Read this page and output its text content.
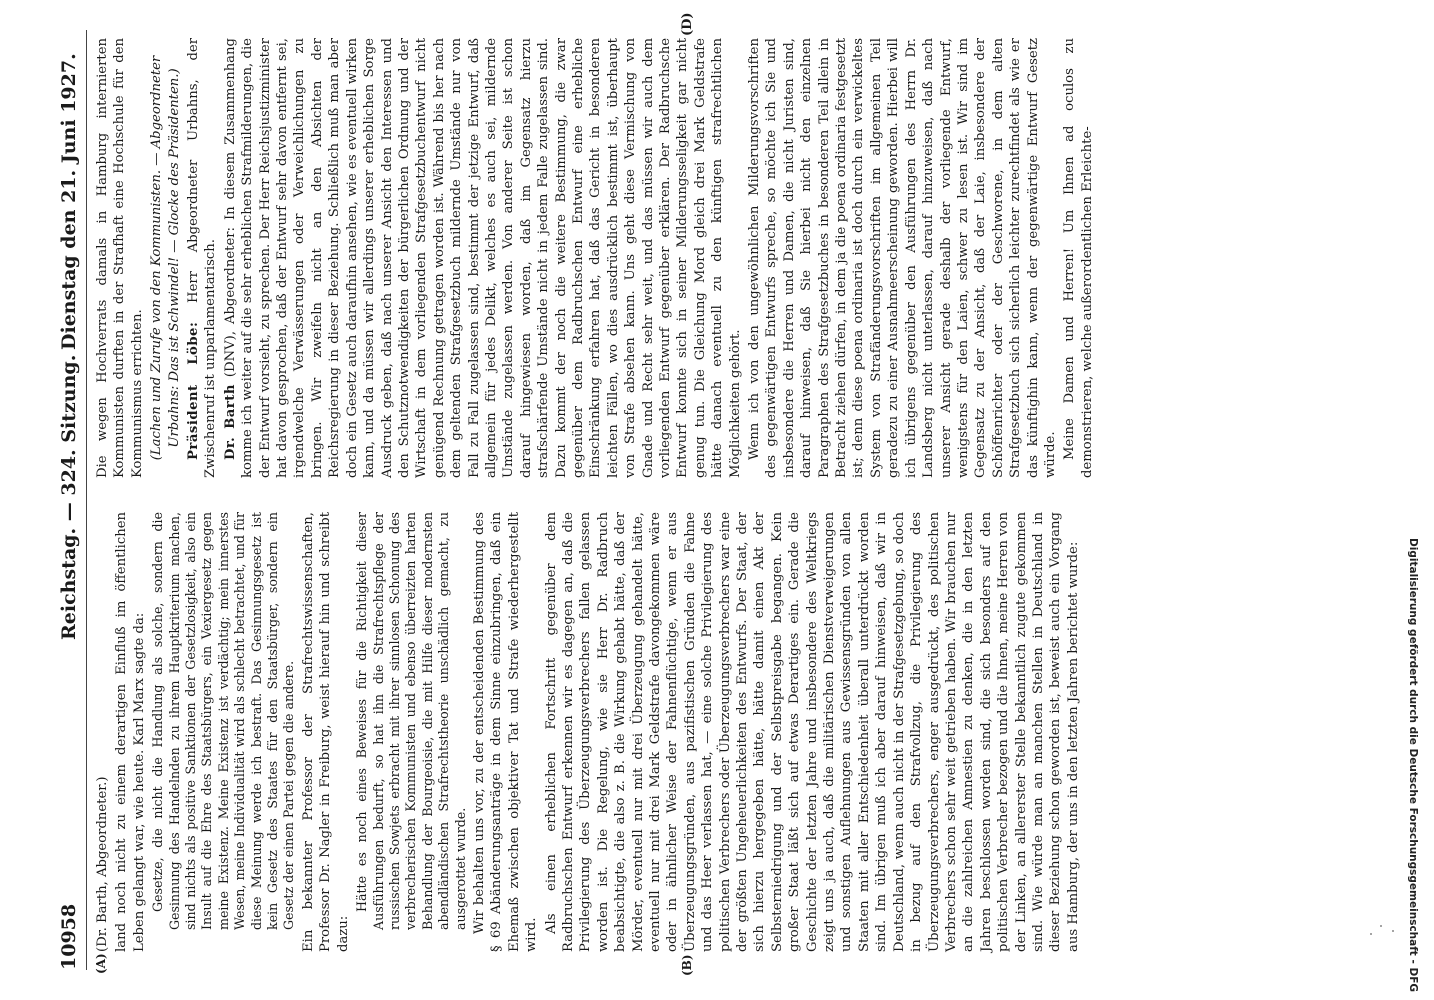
10958
Reichstag. — 324. Sitzung.
Dienstag den 21. Juni 1927.
(A)	(B)
(D)

(Dr. Barth, Abgeordneter.) land noch nicht zu einem derartigen Einfluß im öffentlichen Leben gelangt war, wie heute. Karl Marx sagte da: Gesetze, die nicht die Handlung als solche, sondern die Gesinnung des Handelnden zu ihrem Hauptkriterium machen, sind nichts als positive Sanktionen der Gesetzlosigkeit, also ein Insult auf die Ehre des Staatsbürgers, ein Vexiergesetz gegen meine Existenz. Meine Existenz ist verdächtig; mein innerstes Wesen, meine Individualität wird als schlecht betrachtet, und für diese Meinung werde ich bestraft. Das Gesinnungsgesetz ist kein Gesetz des Staates für den Staatsbürger, sondern ein Gesetz der einen Partei gegen die andere. Ein bekannter Professor der Strafrechtswissenschaften, Professor Dr. Nagler in Freiburg, weist hierauf hin und schreibt dazu:

Hätte es noch eines Beweises für die Richtigkeit dieser Ausführungen bedurft, so hat ihn die Strafrechtspflege der russischen Sowjets erbracht mit ihrer sinnlosen Schonung des verbrecherischen Kommunisten und ebenso überreizten harten Behandlung der Bourgeoisie, die mit Hilfe dieser modernsten abendländischen Strafrechtstheorie unschädlich gemacht, zu ausgerottet wurde. Wir behalten uns vor, zu der entscheidenden Bestimmung des § 69 Abänderungsanträge in dem Sinne einzubringen, daß ein Ehemaß zwischen objektiver Tat und Strafe wiederhergestellt wird.

Als einen erheblichen Fortschritt gegenüber dem Radbruchschen Entwurf erkennen wir es dagegen an, daß die Privilegierung des Überzeugungsverbrechers fallen gelassen worden ist. Die Regelung, wie sie Herr Dr. Radbruch beabsichtigte, die also z. B. die Wirkung gehabt hätte, daß der Mörder, eventuell nur mit drei Überzeugung gehandelt hätte, eventuell nur mit drei Mark Geldstrafe davongekommen wäre oder in ähnlicher Weise der Fahnenflüchtige, wenn er aus Überzeugungsgründen, aus pazifistischen Gründen die Fahne und das Heer verlassen hat, — eine solche Privilegierung des politischen Verbrechers oder Überzeugungsverbrechers war eine der größten Ungeheuerlichkeiten des Entwurfs. Der Staat, der sich hierzu hergegeben hätte, hätte damit einen Akt der Selbsterniedrigung und der Selbstpreisgabe begangen. Kein großer Staat läßt sich auf etwas Derartiges ein. Gerade die Geschichte der letzten Jahre und insbesondere des Weltkriegs zeigt uns ja auch, daß die militärischen Dienstverweigerungen und sonstigen Auflehnungen aus Gewissensgründen von allen Staaten mit aller Entschiedenheit überall unterdrückt worden sind. Im übrigen muß ich aber darauf hinweisen, daß wir in Deutschland, wenn auch nicht in der Strafgesetzgebung, so doch in bezug auf den Strafvollzug, die Privilegierung des Überzeugungsverbrechers, enger ausgedrückt, des politischen Verbrechers schon sehr weit getrieben haben. Wir brauchen nur an die zahlreichen Amnestien zu denken, die in den letzten Jahren beschlossen worden sind, die sich besonders auf den politischen Verbrecher bezogen und die Ihnen, meine Herren von der Linken, an allererster Stelle bekanntlich zugute gekommen sind. Wie würde man an manchen Stellen in Deutschland in dieser Beziehung schon geworden ist, beweist auch ein Vorgang aus Hamburg, der uns in den letzten Jahren berichtet wurde:

Die wegen Hochverrats damals in Hamburg internierten Kommunisten durften in der Strafhaft eine Hochschule für den Kommunismus errichten. (Lachen und Zurufe von den Kommunisten. — Abgeordneter Urbahns: Das ist Schwindel! — Glocke des Präsidenten.) Präsident Löbe: Herr Abgeordneter Urbahns, der Zwischenruf ist unparlamentarisch. Dr. Barth (DNV), Abgeordneter: In diesem Zusammenhang komme ich weiter auf die sehr erheblichen Strafmilderungen, die der Entwurf vorsieht, zu sprechen. Der Herr Reichsjustizminister hat davon gesprochen, daß der Entwurf sehr davon entfernt sei, irgendwelche Verwässerungen oder Verweichlichungen zu bringen. Wir zweifeln nicht an den Absichten der Reichsregierung in dieser Beziehung. Schließlich muß man aber doch ein Gesetz auch daraufhin ansehen, wie es eventuell wirken kann, und da müssen wir allerdings unserer erheblichen Sorge Ausdruck geben, daß nach unserer Ansicht den Interessen und den Schutznotwendigkeiten der bürgerlichen Ordnung und der Wirtschaft in dem vorliegenden Strafgesetzbuchentwurf nicht genügend Rechnung getragen worden ist. Während bis her nach dem geltenden Strafgesetzbuch mildernde Umstände nur von Fall zu Fall zugelassen sind, bestimmt der jetzige Entwurf, daß allgemein für jedes Delikt, welches es auch sei, mildernde Umstände zugelassen werden. Von anderer Seite ist schon darauf hingewiesen worden, daß im Gegensatz hierzu strafschärfende Umstände nicht in jedem Falle zugelassen sind. Dazu kommt der noch die weitere Bestimmung, die zwar gegenüber dem Radbruchschen Entwurf eine erhebliche Einschränkung erfahren hat, daß das Gericht in besonderen leichten Fällen, wo dies ausdrücklich bestimmt ist, überhaupt von Strafe absehen kann. Uns geht diese Vermischung von Gnade und Recht sehr weit, und das müssen wir auch dem vorliegenden Entwurf gegenüber erklären. Der Radbruchsche Entwurf konnte sich in seiner Milderungsseligkeit gar nicht genug tun. Die Gleichung Mord gleich drei Mark Geldstrafe hätte danach eventuell zu den künftigen strafrechtlichen Möglichkeiten gehört. Wenn ich von den ungewöhnlichen Milderungsvorschriften des gegenwärtigen Entwurfs spreche, so möchte ich Sie und insbesondere die Herren und Damen, die nicht Juristen sind, darauf hinweisen, daß Sie hierbei nicht den einzelnen Paragraphen des Strafgesetzbuches in besonderen Teil allein in Betracht ziehen dürfen, in dem ja die poena ordinaria festgesetzt ist; denn diese poena ordinaria ist doch durch ein verwickeltes System von Strafänderungsvorschriften im allgemeinen Teil geradezu zu einer Ausnahmeerscheinung geworden. Hierbei will ich übrigens gegenüber den Ausführungen des Herrn Dr. Landsberg nicht unterlassen, darauf hinzuweisen, daß nach unserer Ansicht gerade deshalb der vorliegende Entwurf, wenigstens für den Laien, schwer zu lesen ist. Wir sind im Gegensatz zu der Ansicht, daß der Laie, insbesondere der Schöffenrichter oder der Geschworene, in dem alten Strafgesetzbuch sich sicherlich leichter zurechtfindet als wie er das künftighin kann, wenn der gegenwärtige Entwurf Gesetz würde. Meine Damen und Herren! Um Ihnen ad oculos zu demonstrieren, welche außerordentlichen Erleichte-

Digitalisierung gefördert durch die Deutsche Forschungsgemeinschaft - DFG
